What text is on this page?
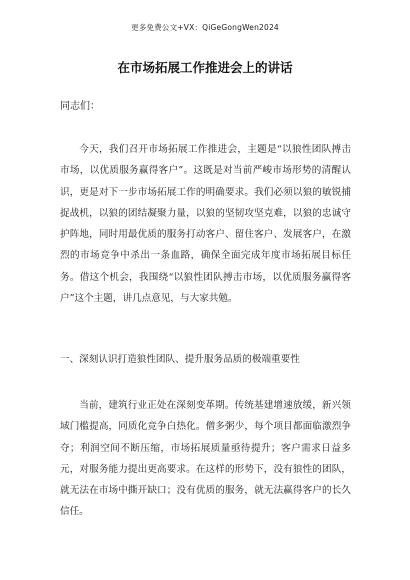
更多免费公文+VX：QiGeGongWen2024
在市场拓展工作推进会上的讲话
同志们：

今天，我们召开市场拓展工作推进会，主题是“以狼性团队搏击市场，以优质服务赢得客户”。这既是对当前严峻市场形势的清醒认识，更是对下一步市场拓展工作的明确要求。我们必须以狼的敏锐捕捉战机，以狼的团结凝聚力量，以狼的坚韧攻坚克难，以狼的忠诚守护阵地，同时用最优质的服务打动客户、留住客户、发展客户，在激烈的市场竞争中杀出一条血路，确保全面完成年度市场拓展目标任务。借这个机会，我围绕“以狼性团队搏击市场，以优质服务赢得客户”这个主题，讲几点意见，与大家共勉。

一、深刻认识打造狼性团队、提升服务品质的极端重要性

当前，建筑行业正处在深刻变革期。传统基建增速放缓，新兴领域门槛提高，同质化竞争白热化。僧多粥少，每个项目都面临激烈争夺；利润空间不断压缩，市场拓展质量亟待提升；客户需求日益多元，对服务能力提出更高要求。在这样的形势下，没有狼性的团队，就无法在市场中撕开缺口；没有优质的服务，就无法赢得客户的长久信任。
